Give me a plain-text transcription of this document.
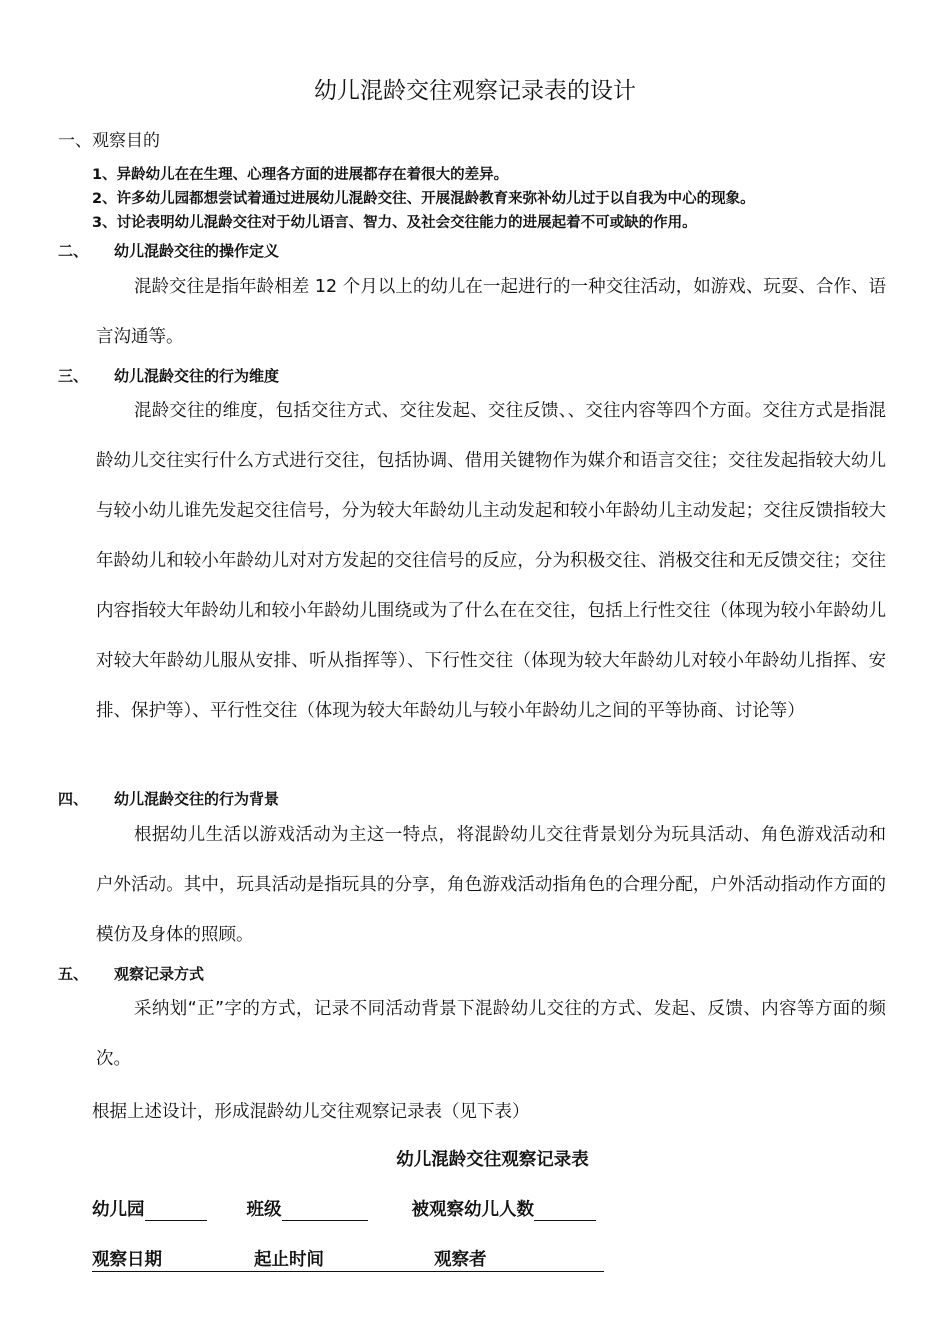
幼儿混龄交往观察记录表的设计
一、观察目的
1、异龄幼儿在在生理、心理各方面的进展都存在着很大的差异。
2、许多幼儿园都想尝试着通过进展幼儿混龄交往、开展混龄教育来弥补幼儿过于以自我为中心的现象。
3、讨论表明幼儿混龄交往对于幼儿语言、智力、及社会交往能力的进展起着不可或缺的作用。
二、 幼儿混龄交往的操作定义

混龄交往是指年龄相差 12 个月以上的幼儿在一起进行的一种交往活动，如游戏、玩耍、合作、语言沟通等。

三、 幼儿混龄交往的行为维度

混龄交往的维度，包括交往方式、交往发起、交往反馈、、交往内容等四个方面。交往方式是指混龄幼儿交往实行什么方式进行交往，包括协调、借用关键物作为媒介和语言交往；交往发起指较大幼儿与较小幼儿谁先发起交往信号，分为较大年龄幼儿主动发起和较小年龄幼儿主动发起；交往反馈指较大年龄幼儿和较小年龄幼儿对对方发起的交往信号的反应，分为积极交往、消极交往和无反馈交往；交往内容指较大年龄幼儿和较小年龄幼儿围绕或为了什么在在交往，包括上行性交往（体现为较小年龄幼儿对较大年龄幼儿服从安排、听从指挥等）、下行性交往（体现为较大年龄幼儿对较小年龄幼儿指挥、安排、保护等）、平行性交往（体现为较大年龄幼儿与较小年龄幼儿之间的平等协商、讨论等）

四、 幼儿混龄交往的行为背景

根据幼儿生活以游戏活动为主这一特点，将混龄幼儿交往背景划分为玩具活动、角色游戏活动和户外活动。其中，玩具活动是指玩具的分享，角色游戏活动指角色的合理分配，户外活动指动作方面的模仿及身体的照顾。

五、 观察记录方式

采纳划“正”字的方式，记录不同活动背景下混龄幼儿交往的方式、发起、反馈、内容等方面的频次。

根据上述设计，形成混龄幼儿交往观察记录表（见下表）
幼儿混龄交往观察记录表
幼儿园	班级	被观察幼儿人数
观察日期	起止时间	观察者
